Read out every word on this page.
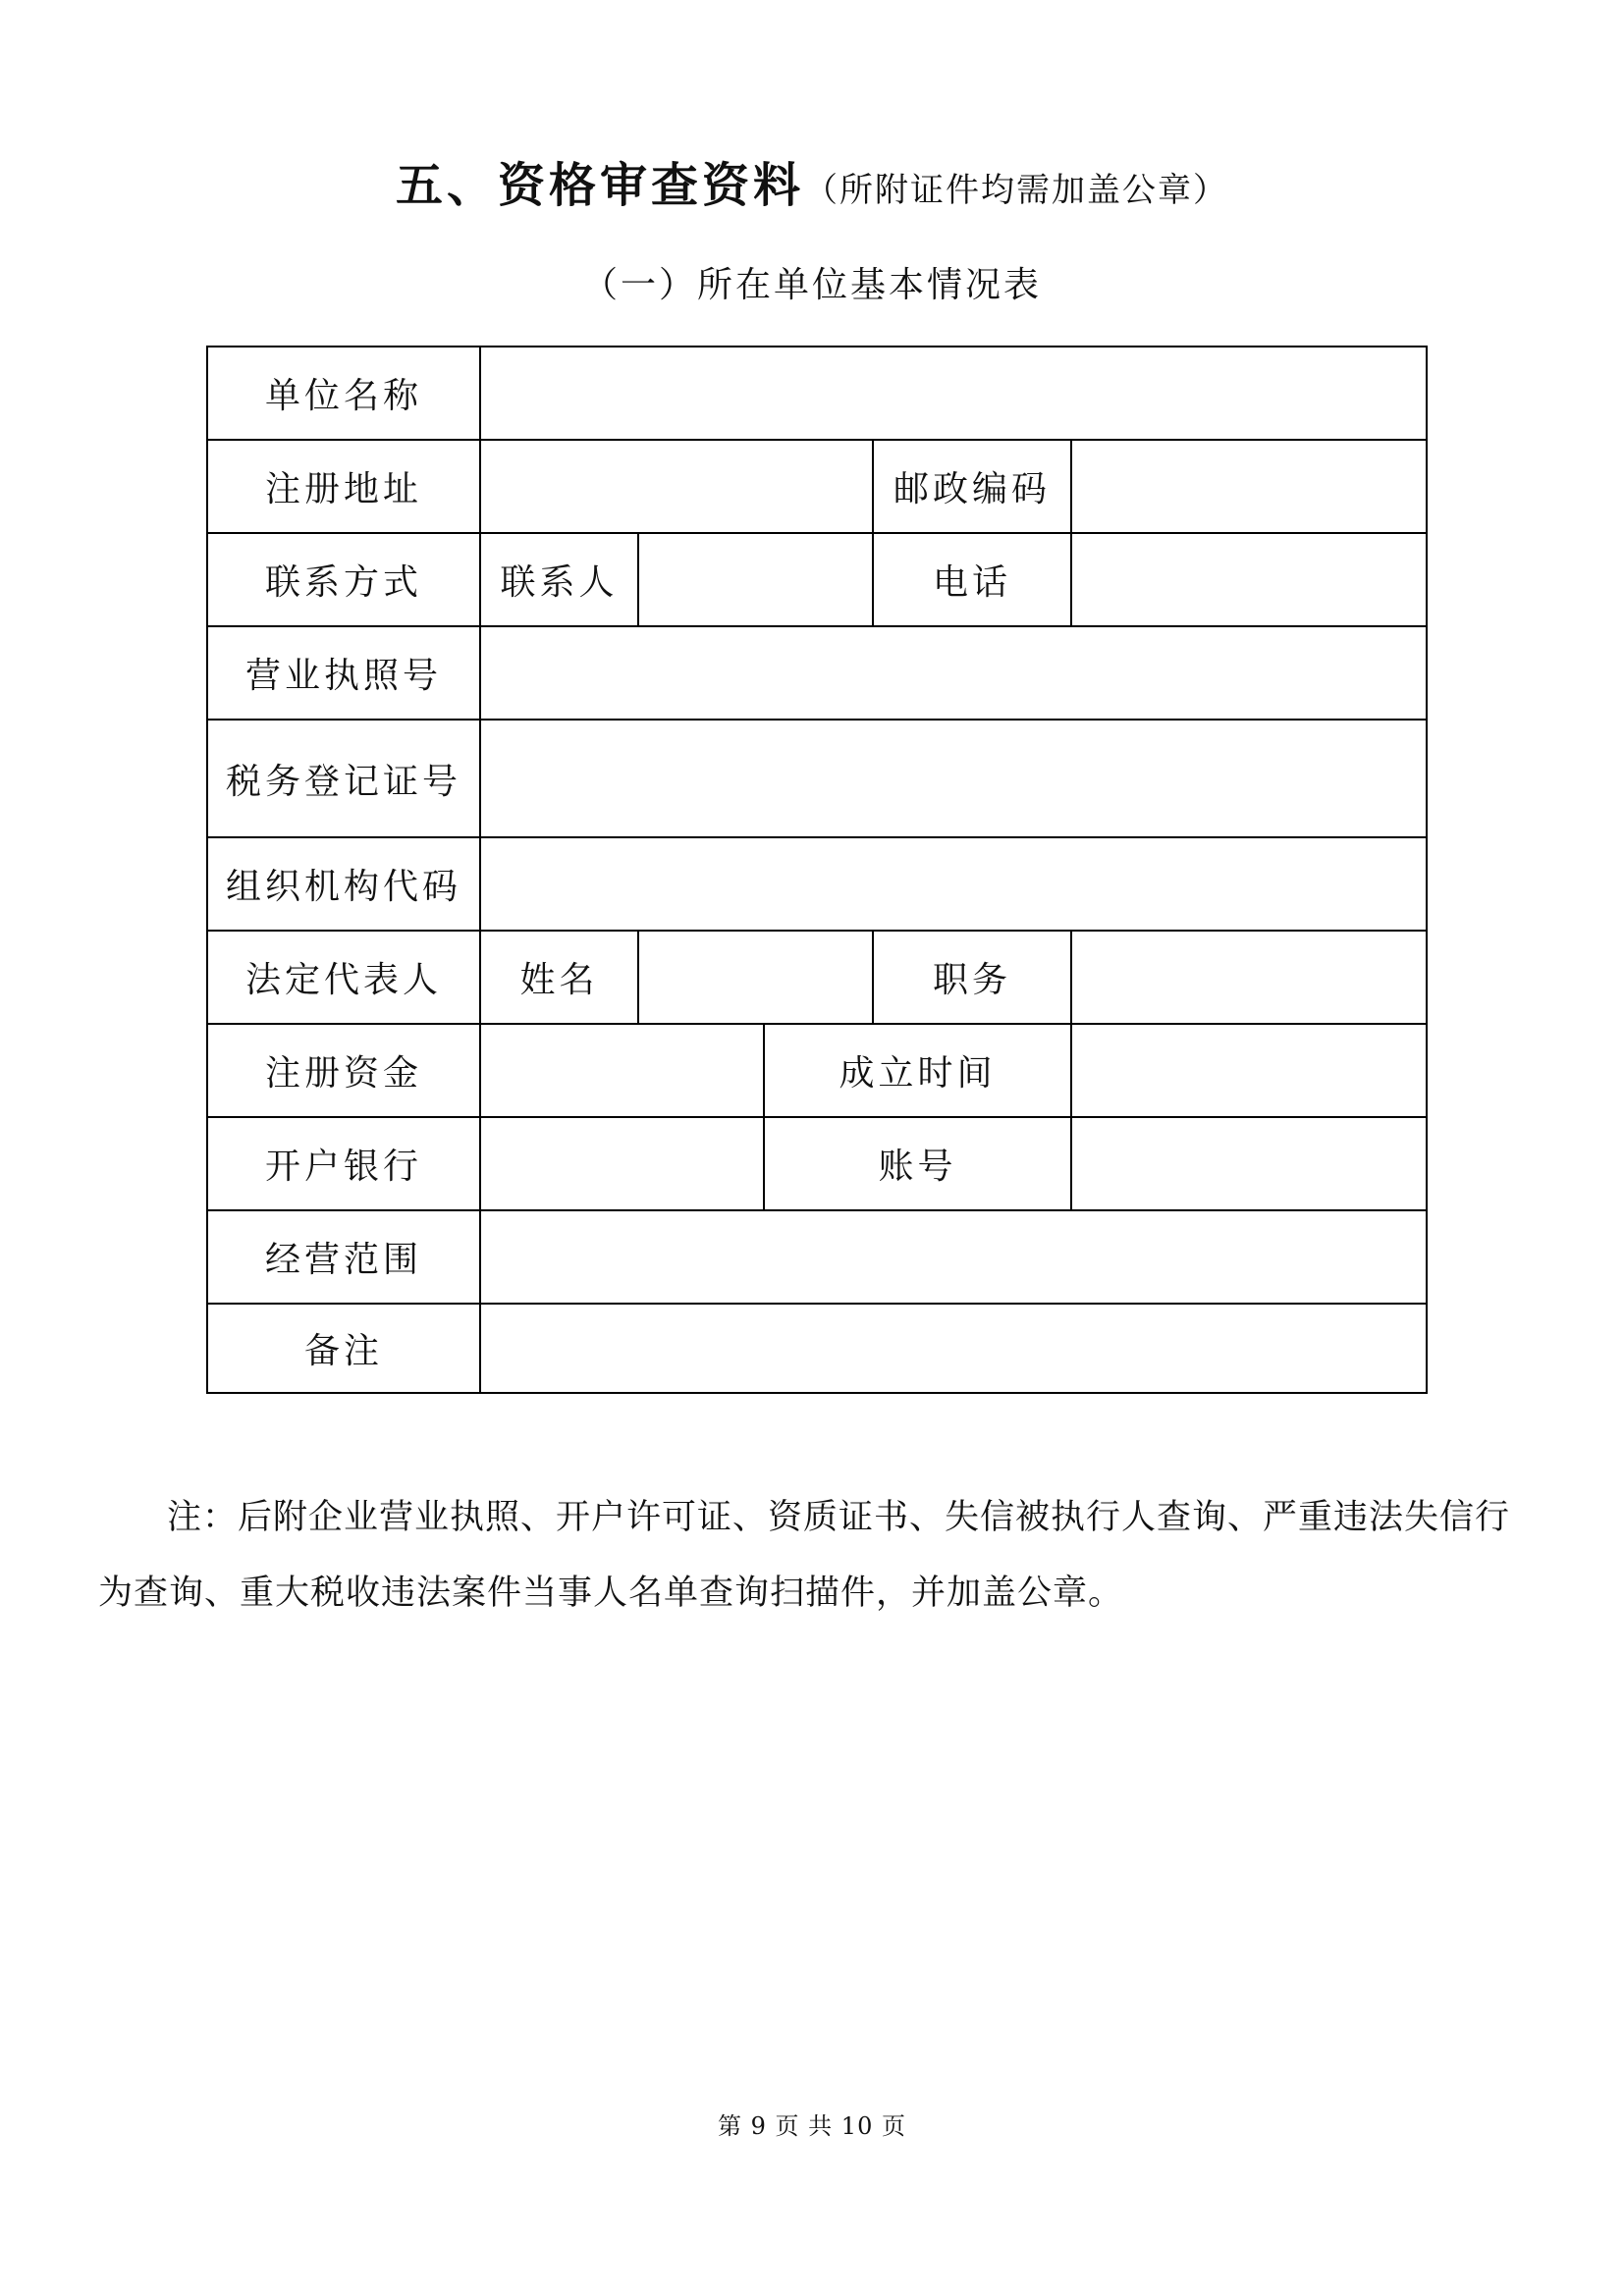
五、资格审查资料（所附证件均需加盖公章）
（一）所在单位基本情况表
单位名称
注册地址	邮政编码
联系方式	联系人	电话
营业执照号
税务登记证号
组织机构代码
法定代表人	姓名	职务
注册资金	成立时间
开户银行	账号
经营范围
备注
注：后附企业营业执照、开户许可证、资质证书、失信被执行人查询、严重违法失信行为查询、重大税收违法案件当事人名单查询扫描件，并加盖公章。
第 9 页 共 10 页
